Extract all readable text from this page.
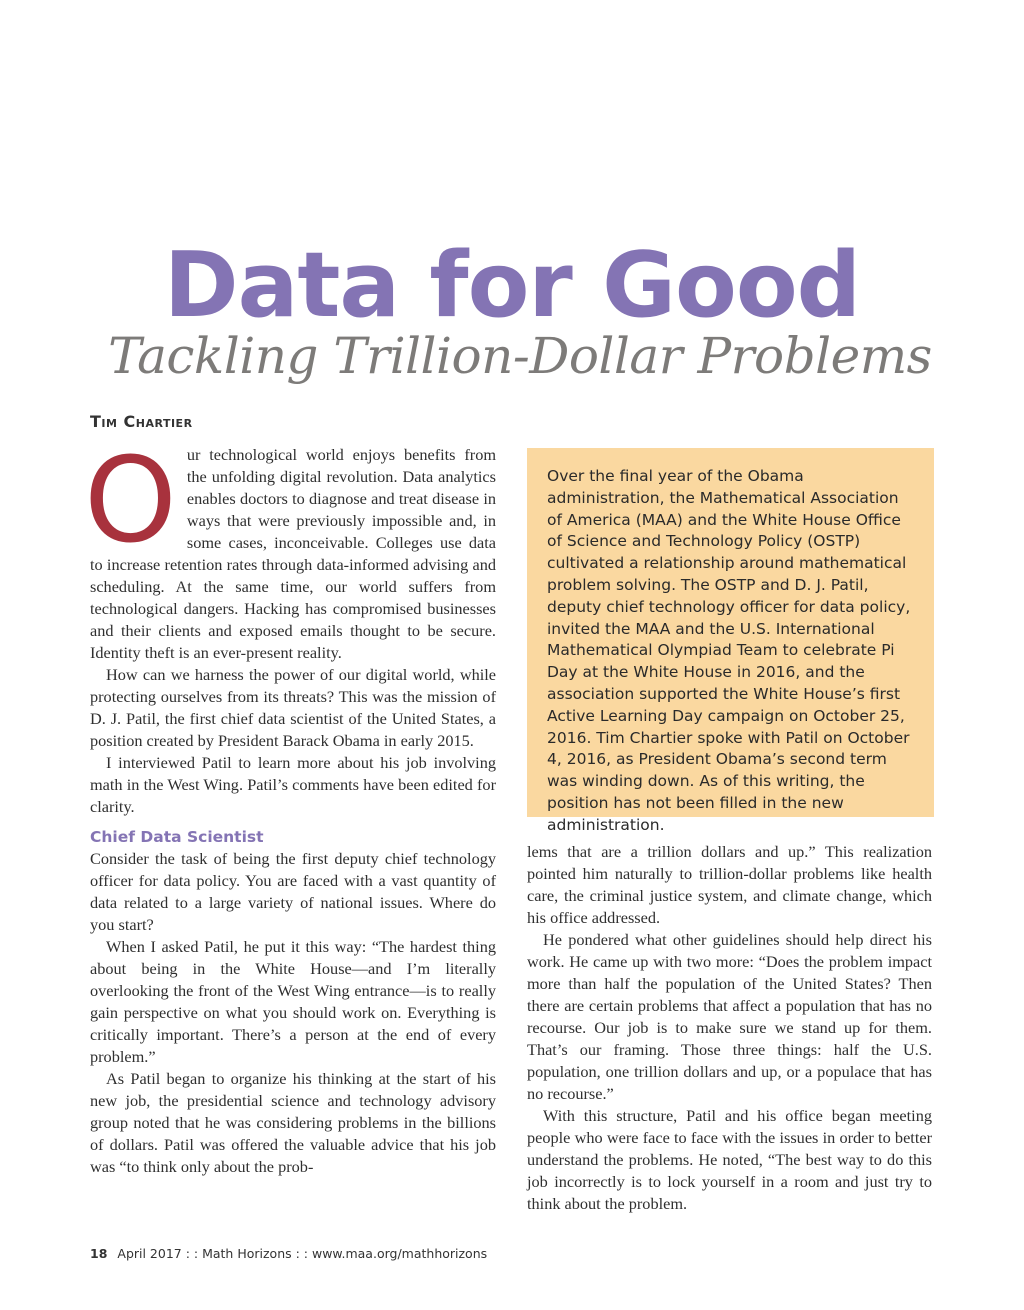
Data for Good
Tackling Trillion-Dollar Problems
Tim Chartier

Our technological world enjoys benefits from the unfolding digital revolution. Data analytics enables doctors to diagnose and treat disease in ways that were previously impossible and, in some cases, inconceivable. Colleges use data to increase retention rates through data-informed advising and scheduling. At the same time, our world suffers from technological dangers. Hacking has compromised businesses and their clients and exposed emails thought to be secure. Identity theft is an ever-present reality.

How can we harness the power of our digital world, while protecting ourselves from its threats? This was the mission of D. J. Patil, the first chief data scientist of the United States, a position created by President Barack Obama in early 2015.

I interviewed Patil to learn more about his job involving math in the West Wing. Patil’s comments have been edited for clarity.

Chief Data Scientist

Consider the task of being the first deputy chief technology officer for data policy. You are faced with a vast quantity of data related to a large variety of national issues. Where do you start?

When I asked Patil, he put it this way: “The hardest thing about being in the White House—and I’m literally overlooking the front of the West Wing entrance—is to really gain perspective on what you should work on. Everything is critically important. There’s a person at the end of every problem.”

As Patil began to organize his thinking at the start of his new job, the presidential science and technology advisory group noted that he was considering problems in the billions of dollars. Patil was offered the valuable advice that his job was “to think only about the prob-

Over the final year of the Obama administration, the Mathematical Association of America (MAA) and the White House Office of Science and Technology Policy (OSTP) cultivated a relationship around mathematical problem solving. The OSTP and D. J. Patil, deputy chief technology officer for data policy, invited the MAA and the U.S. International Mathematical Olympiad Team to celebrate Pi Day at the White House in 2016, and the association supported the White House’s first Active Learning Day campaign on October 25, 2016. Tim Chartier spoke with Patil on October 4, 2016, as President Obama’s second term was winding down. As of this writing, the position has not been filled in the new administration.

lems that are a trillion dollars and up.” This realization pointed him naturally to trillion-dollar problems like health care, the criminal justice system, and climate change, which his office addressed.

He pondered what other guidelines should help direct his work. He came up with two more: “Does the problem impact more than half the population of the United States? Then there are certain problems that affect a population that has no recourse. Our job is to make sure we stand up for them. That’s our framing. Those three things: half the U.S. population, one trillion dollars and up, or a populace that has no recourse.”

With this structure, Patil and his office began meeting people who were face to face with the issues in order to better understand the problems. He noted, “The best way to do this job incorrectly is to lock yourself in a room and just try to think about the problem.

18 April 2017 : : Math Horizons : : www.maa.org/mathhorizons
